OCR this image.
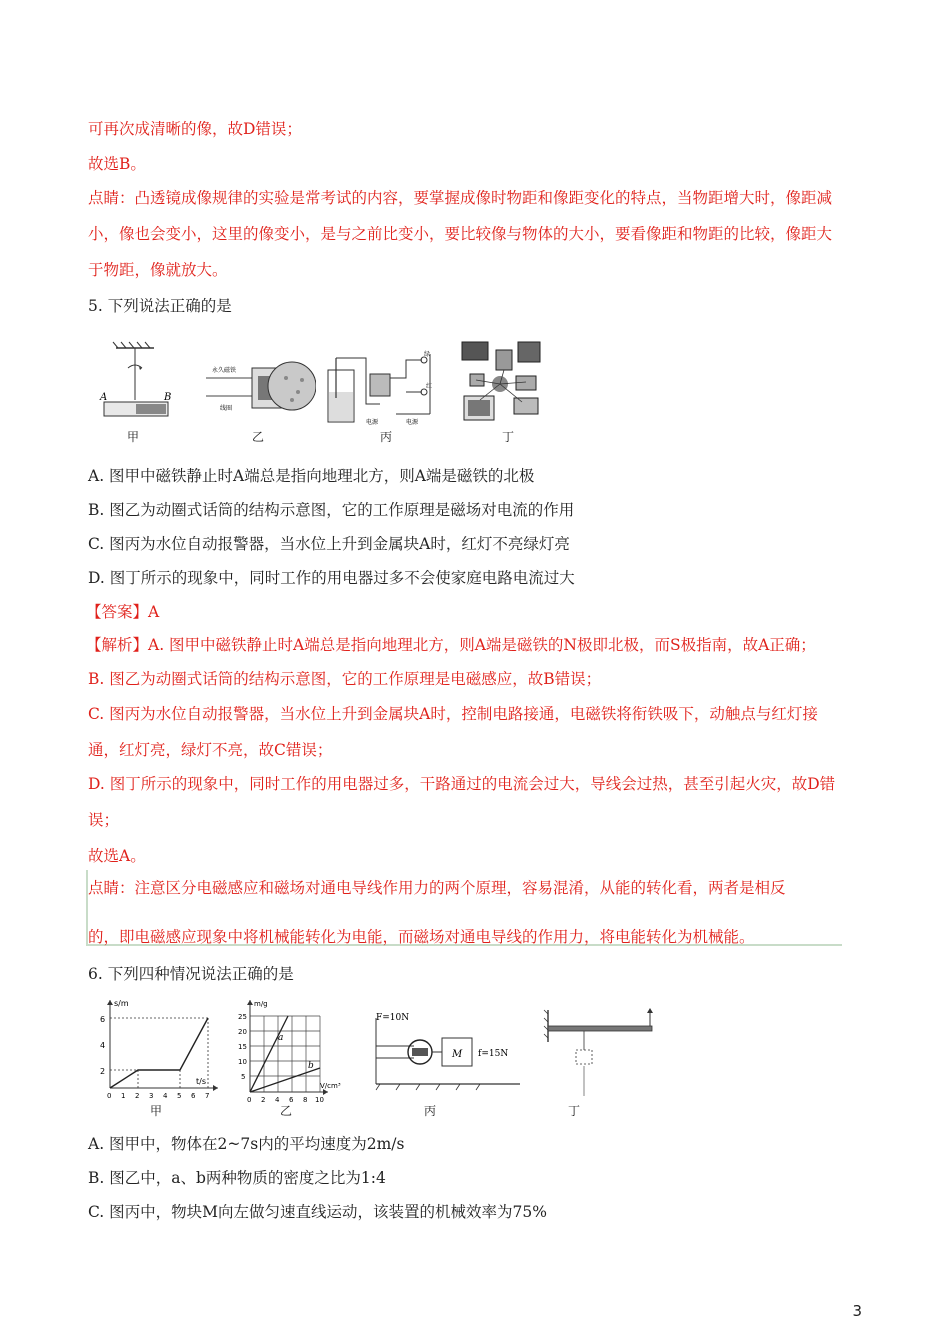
可再次成清晰的像，故D错误；
故选B。
点睛：凸透镜成像规律的实验是常考试的内容，要掌握成像时物距和像距变化的特点，当物距增大时，像距减
小，像也会变小，这里的像变小，是与之前比变小，要比较像与物体的大小，要看像距和物距的比较，像距大
于物距，像就放大。
5. 下列说法正确的是
A	B
甲
永久磁铁
线圈
乙
绿
红
电源	电源
丙	丁
A. 图甲中磁铁静止时A端总是指向地理北方，则A端是磁铁的北极
B. 图乙为动圈式话筒的结构示意图，它的工作原理是磁场对电流的作用
C. 图丙为水位自动报警器，当水位上升到金属块A时，红灯不亮绿灯亮
D. 图丁所示的现象中，同时工作的用电器过多不会使家庭电路电流过大
【答案】A
【解析】A. 图甲中磁铁静止时A端总是指向地理北方，则A端是磁铁的N极即北极，而S极指南，故A正确；
B. 图乙为动圈式话筒的结构示意图，它的工作原理是电磁感应，故B错误；
C. 图丙为水位自动报警器，当水位上升到金属块A时，控制电路接通，电磁铁将衔铁吸下，动触点与红灯接
通，红灯亮，绿灯不亮，故C错误；
D. 图丁所示的现象中，同时工作的用电器过多，干路通过的电流会过大，导线会过热，甚至引起火灾，故D错
误；
故选A。
点睛：注意区分电磁感应和磁场对通电导线作用力的两个原理，容易混淆，从能的转化看，两者是相反
的，即电磁感应现象中将机械能转化为电能，而磁场对通电导线的作用力，将电能转化为机械能。
6. 下列四种情况说法正确的是
s/m
t/s
6
4
2
0 1 2 3 4 5 6 7
甲
a
b
m/g
V/cm³
25
20
15
10
5
0 2 4 6 8 10
乙
M
F=10N
f=15N
丙	丁
A. 图甲中，物体在2~7s内的平均速度为2m/s
B. 图乙中，a、b两种物质的密度之比为1:4
C. 图丙中，物块M向左做匀速直线运动，该装置的机械效率为75%
3
